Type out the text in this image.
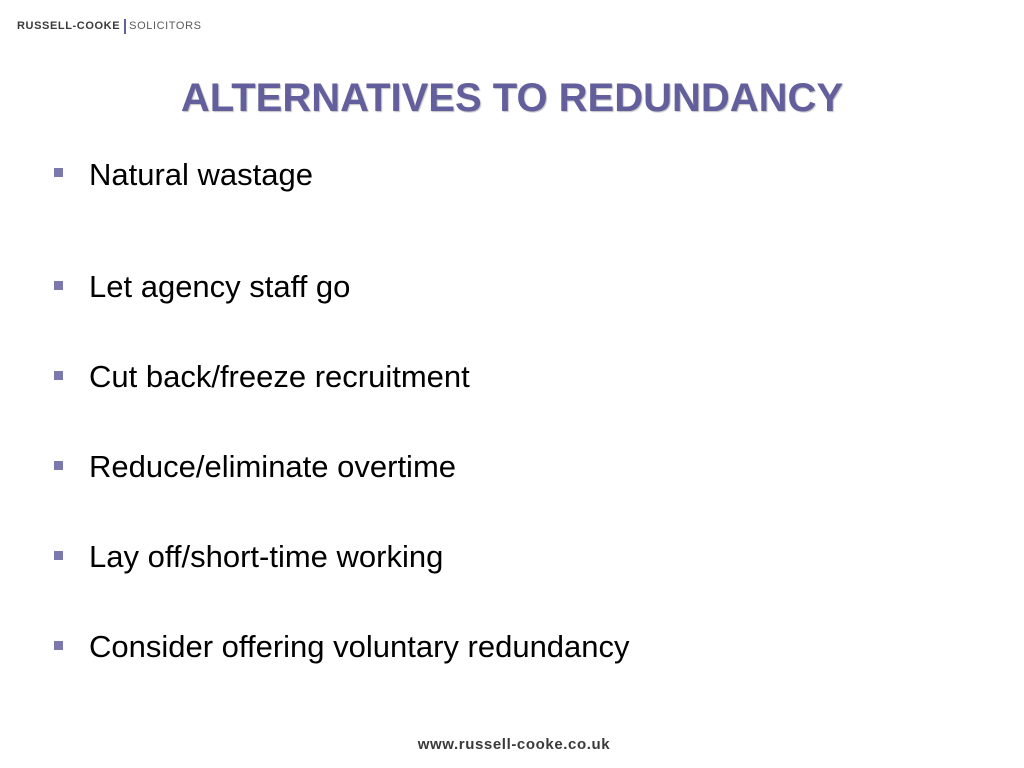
RUSSELL-COOKE SOLICITORS
ALTERNATIVES TO REDUNDANCY
Natural wastage
Let agency staff go
Cut back/freeze recruitment
Reduce/eliminate overtime
Lay off/short-time working
Consider offering voluntary redundancy
www.russell-cooke.co.uk
